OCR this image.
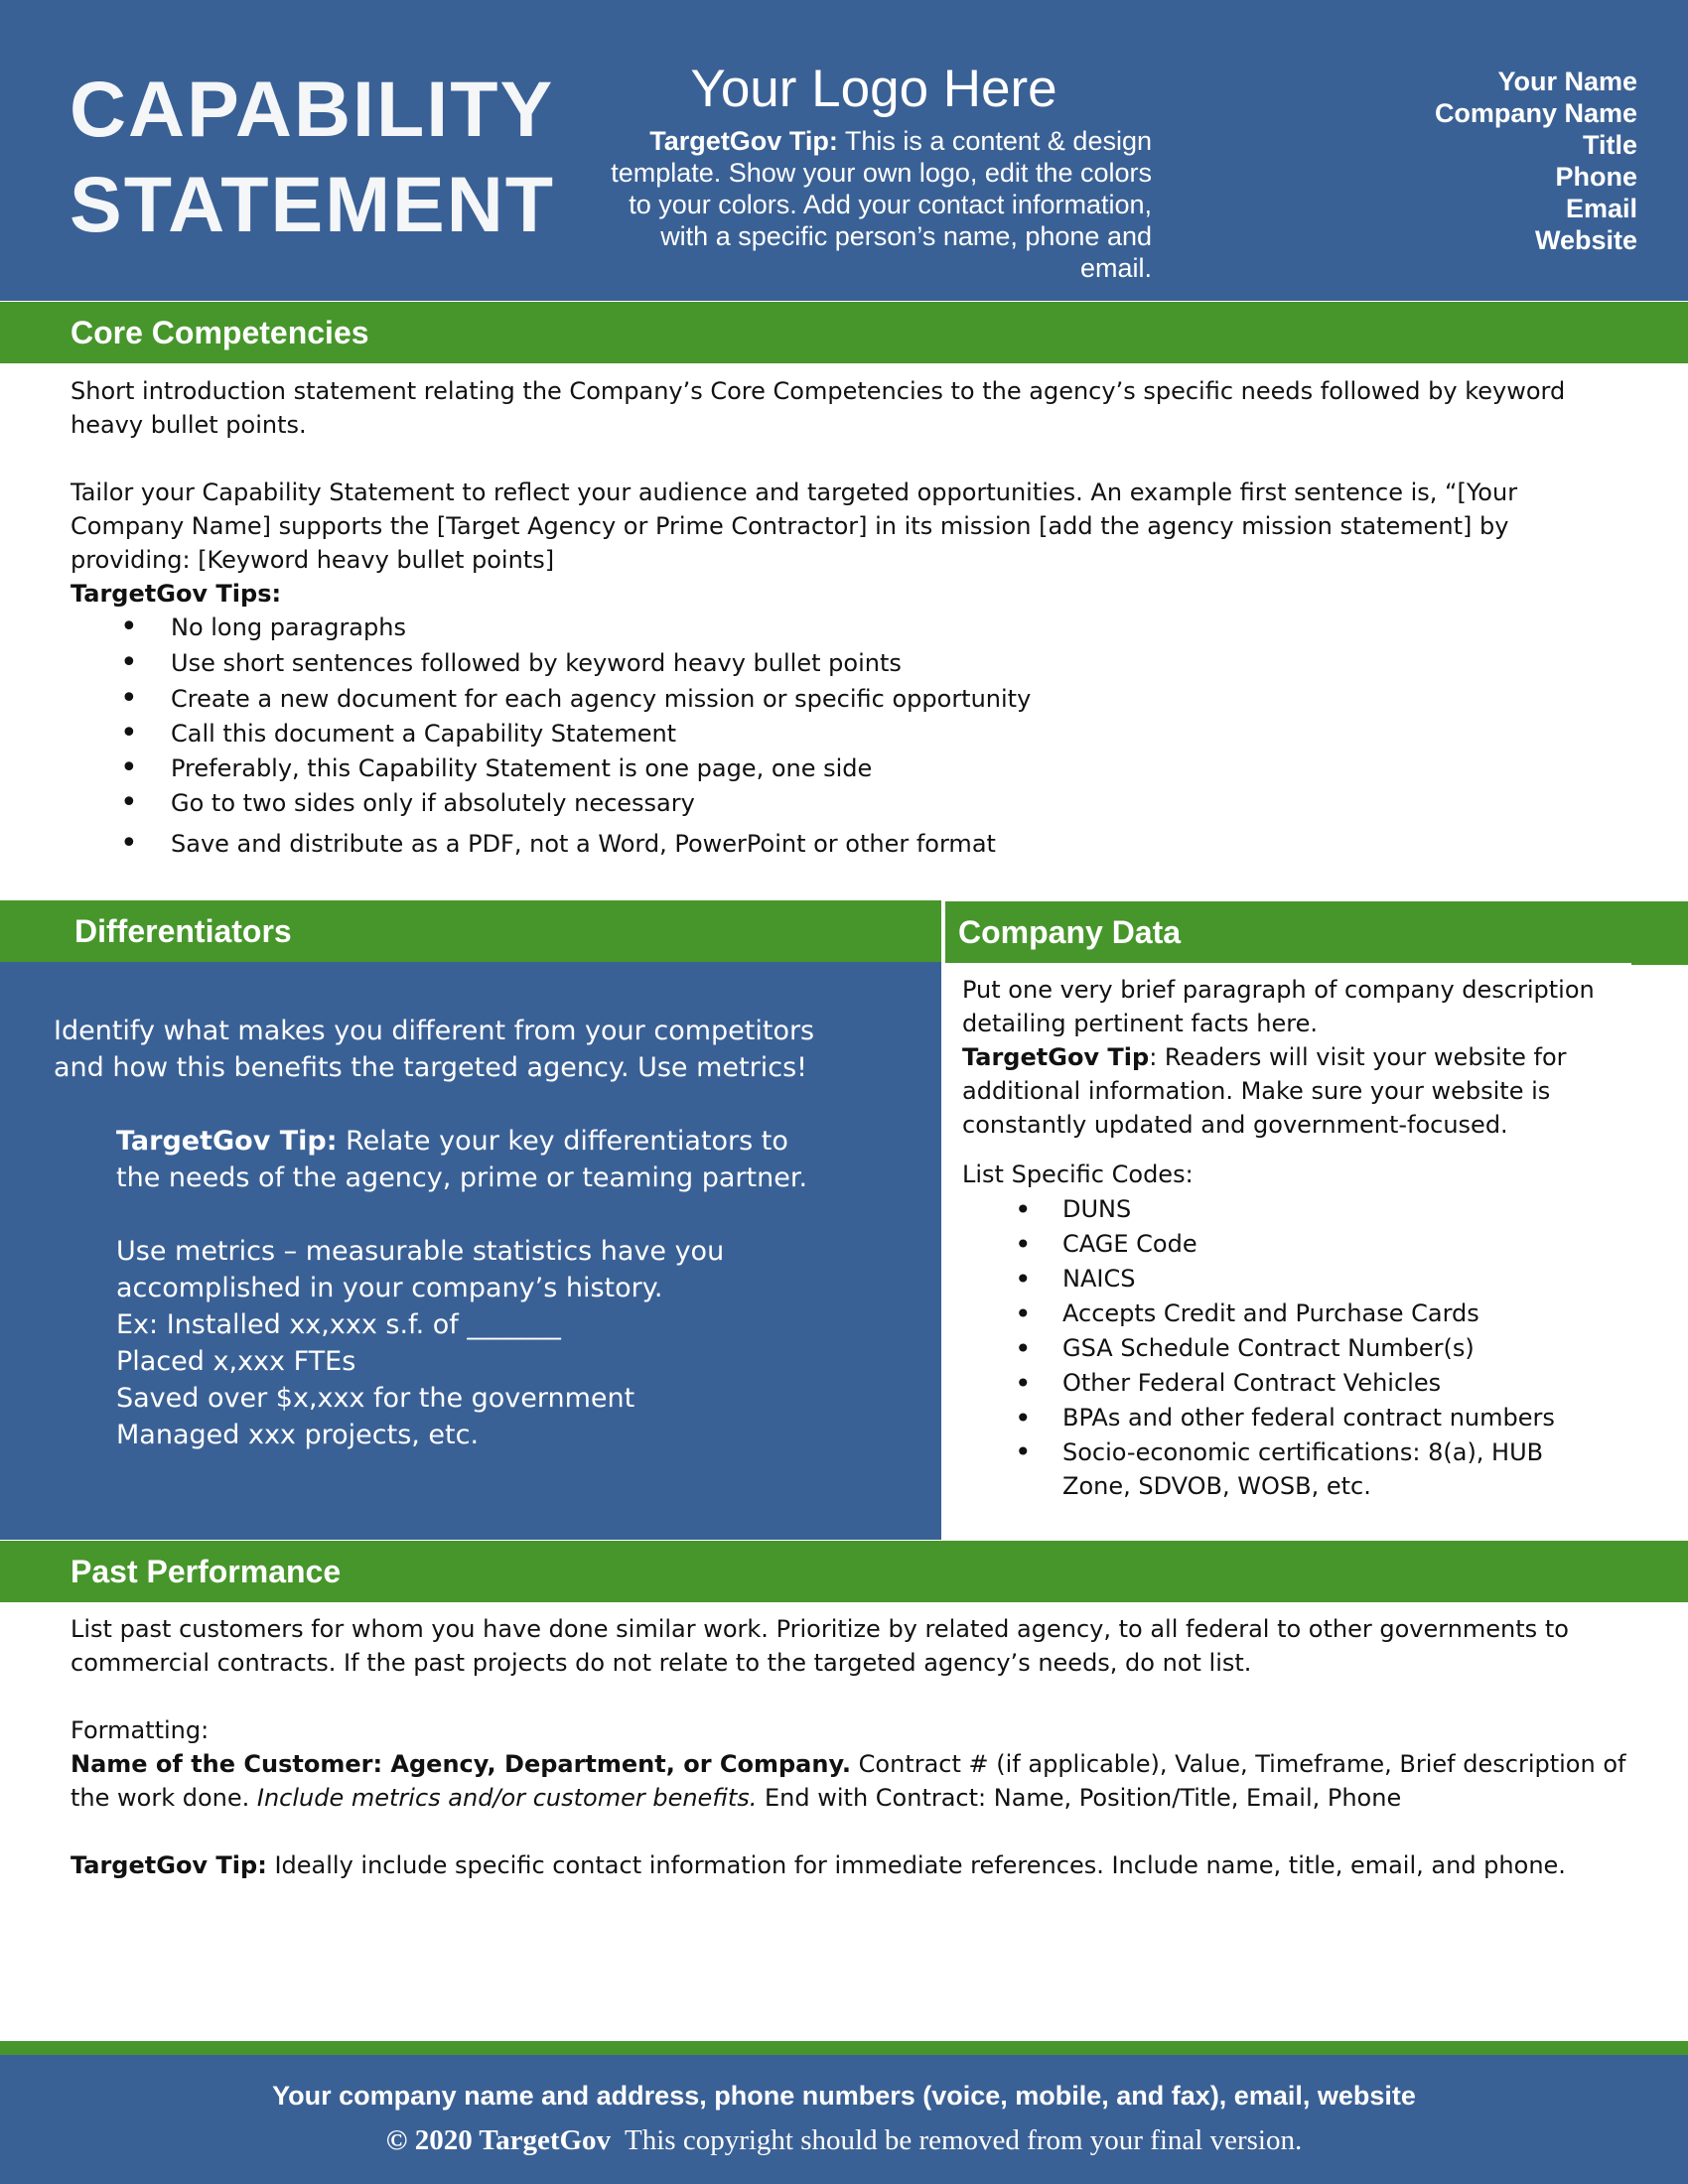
CAPABILITY
STATEMENT
Your Logo Here
TargetGov Tip: This is a content & design template. Show your own logo, edit the colors to your colors. Add your contact information, with a specific person’s name, phone and email.
Your Name
Company Name
Title
Phone
Email
Website
Core Competencies

Short introduction statement relating the Company’s Core Competencies to the agency’s specific needs followed by keyword heavy bullet points.

Tailor your Capability Statement to reflect your audience and targeted opportunities. An example first sentence is, “[Your Company Name] supports the [Target Agency or Prime Contractor] in its mission [add the agency mission statement] by providing: [Keyword heavy bullet points]

TargetGov Tips:

• No long paragraphs
• Use short sentences followed by keyword heavy bullet points
• Create a new document for each agency mission or specific opportunity
• Call this document a Capability Statement
• Preferably, this Capability Statement is one page, one side
• Go to two sides only if absolutely necessary
• Save and distribute as a PDF, not a Word, PowerPoint or other format
Differentiators	Company Data
Identify what makes you different from your competitors and how this benefits the targeted agency. Use metrics!

TargetGov Tip: Relate your key differentiators to the needs of the agency, prime or teaming partner.

Use metrics – measurable statistics have you accomplished in your company’s history.

Ex: Installed xx,xxx s.f. of _______

Placed x,xxx FTEs

Saved over $x,xxx for the government

Managed xxx projects, etc.

Put one very brief paragraph of company description detailing pertinent facts here.

TargetGov Tip: Readers will visit your website for additional information. Make sure your website is constantly updated and government-focused.

List Specific Codes:

• DUNS
• CAGE Code
• NAICS
• Accepts Credit and Purchase Cards
• GSA Schedule Contract Number(s)
• Other Federal Contract Vehicles
• BPAs and other federal contract numbers
• Socio-economic certifications: 8(a), HUB Zone, SDVOB, WOSB, etc.
Past Performance

List past customers for whom you have done similar work. Prioritize by related agency, to all federal to other governments to commercial contracts. If the past projects do not relate to the targeted agency’s needs, do not list.

Formatting:

Name of the Customer: Agency, Department, or Company. Contract # (if applicable), Value, Timeframe, Brief description of the work done. Include metrics and/or customer benefits. End with Contract: Name, Position/Title, Email, Phone

TargetGov Tip: Ideally include specific contact information for immediate references. Include name, title, email, and phone.

Your company name and address, phone numbers (voice, mobile, and fax), email, website
© 2020 TargetGov  This copyright should be removed from your final version.
